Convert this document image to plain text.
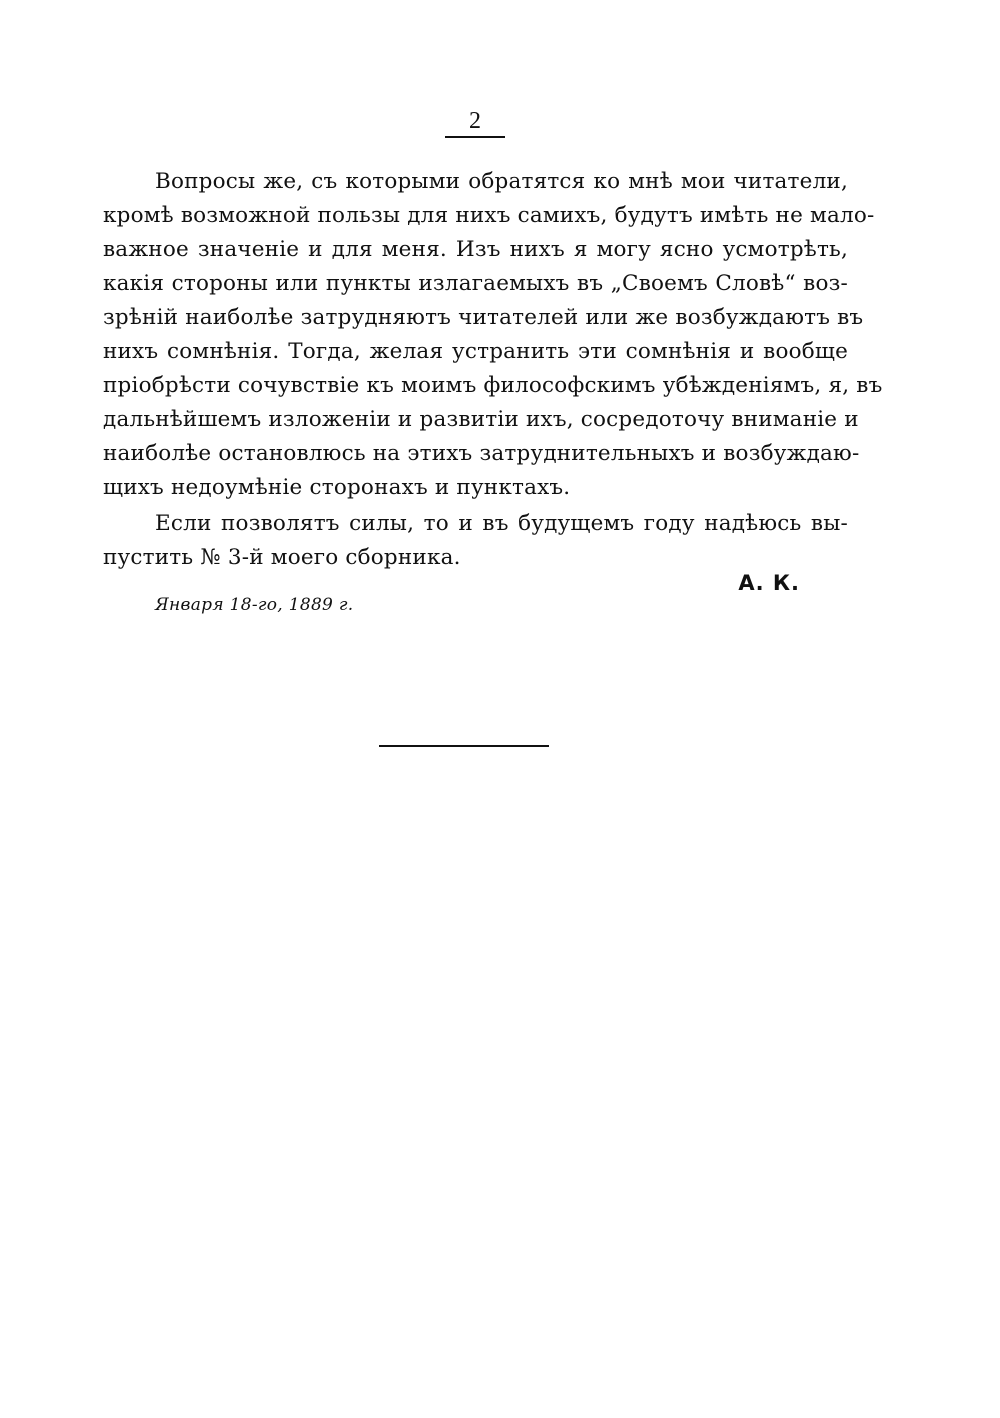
2
Вопросы же, съ которыми обратятся ко мнѣ мои читатели,
кромѣ возможной пользы для нихъ самихъ, будутъ имѣть не мало-
важное значенiе и для меня. Изъ нихъ я могу ясно усмотрѣть,
какiя стороны или пункты излагаемыхъ въ „Своемъ Словѣ“ воз-
зрѣнiй наиболѣе затрудняютъ читателей или же возбуждаютъ въ
нихъ сомнѣнiя. Тогда, желая устранить эти сомнѣнiя и вообще
прiобрѣсти сочувствiе къ моимъ философскимъ убѣжденiямъ, я, въ
дальнѣйшемъ изложенiи и развитiи ихъ, сосредоточу вниманiе и
наиболѣе остановлюсь на этихъ затруднительныхъ и возбуждаю-
щихъ недоумѣнiе сторонахъ и пунктахъ.
Если позволятъ силы, то и въ будущемъ году надѣюсь вы-
пустить № 3-й моего сборника.
А. К.
Января 18-го, 1889 г.
